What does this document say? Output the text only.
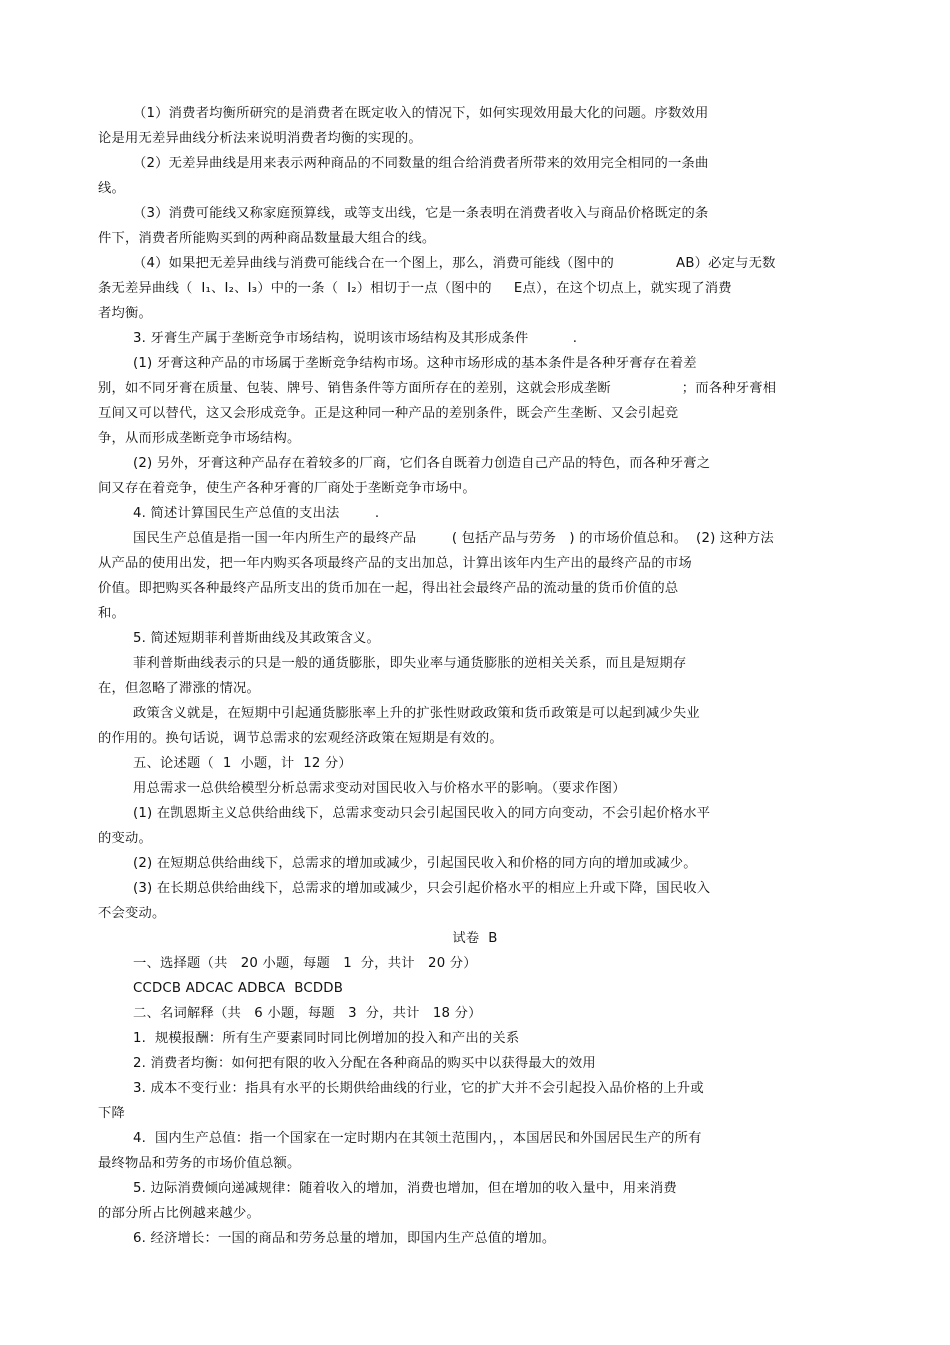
（1）消费者均衡所研究的是消费者在既定收入的情况下，如何实现效用最大化的问题。序数效用
论是用无差异曲线分析法来说明消费者均衡的实现的。
（2）无差异曲线是用来表示两种商品的不同数量的组合给消费者所带来的效用完全相同的一条曲
线。
（3）消费可能线又称家庭预算线，或等支出线，它是一条表明在消费者收入与商品价格既定的条
件下，消费者所能购买到的两种商品数量最大组合的线。
（4）如果把无差异曲线与消费可能线合在一个图上，那么，消费可能线（图中的              AB）必定与无数
条无差异曲线（  Ⅰ₁、Ⅰ₂、Ⅰ₃）中的一条（  Ⅰ₂）相切于一点（图中的     E点），在这个切点上，就实现了消费
者均衡。
3. 牙膏生产属于垄断竞争市场结构，说明该市场结构及其形成条件          .
(1) 牙膏这种产品的市场属于垄断竞争结构市场。这种市场形成的基本条件是各种牙膏存在着差
别，如不同牙膏在质量、包装、牌号、销售条件等方面所存在的差别，这就会形成垄断                ；而各种牙膏相
互间又可以替代，这又会形成竞争。正是这种同一种产品的差别条件，既会产生垄断、又会引起竞
争，从而形成垄断竞争市场结构。
(2) 另外，牙膏这种产品存在着较多的厂商，它们各自既着力创造自己产品的特色，而各种牙膏之
间又存在着竞争，使生产各种牙膏的厂商处于垄断竞争市场中。
4. 简述计算国民生产总值的支出法        .
国民生产总值是指一国一年内所生产的最终产品        ( 包括产品与劳务   ) 的市场价值总和。  (2) 这种方法
从产品的使用出发，把一年内购买各项最终产品的支出加总，计算出该年内生产出的最终产品的市场
价值。即把购买各种最终产品所支出的货币加在一起，得出社会最终产品的流动量的货币价值的总
和。
5. 简述短期菲利普斯曲线及其政策含义。
菲利普斯曲线表示的只是一般的通货膨胀，即失业率与通货膨胀的逆相关关系，而且是短期存
在，但忽略了滞涨的情况。
政策含义就是，在短期中引起通货膨胀率上升的扩张性财政政策和货币政策是可以起到减少失业
的作用的。换句话说，调节总需求的宏观经济政策在短期是有效的。
五、论述题（  1  小题，计  12 分）
用总需求一总供给模型分析总需求变动对国民收入与价格水平的影响。（要求作图）
(1) 在凯恩斯主义总供给曲线下，总需求变动只会引起国民收入的同方向变动，不会引起价格水平
的变动。
(2) 在短期总供给曲线下，总需求的增加或减少，引起国民收入和价格的同方向的增加或减少。
(3) 在长期总供给曲线下，总需求的增加或减少，只会引起价格水平的相应上升或下降，国民收入
不会变动。
试卷  B
一、选择题（共   20 小题，每题   1  分，共计   20 分）
CCDCB ADCAC ADBCA  BCDDB
二、名词解释（共   6 小题，每题   3  分，共计   18 分）
1.  规模报酬：所有生产要素同时同比例增加的投入和产出的关系
2. 消费者均衡：如何把有限的收入分配在各种商品的购买中以获得最大的效用
3. 成本不变行业：指具有水平的长期供给曲线的行业，它的扩大并不会引起投入品价格的上升或
下降
4.  国内生产总值：指一个国家在一定时期内在其领土范围内，，本国居民和外国居民生产的所有
最终物品和劳务的市场价值总额。
5. 边际消费倾向递减规律：随着收入的增加，消费也增加，但在增加的收入量中，用来消费
的部分所占比例越来越少。
6. 经济增长：一国的商品和劳务总量的增加，即国内生产总值的增加。
